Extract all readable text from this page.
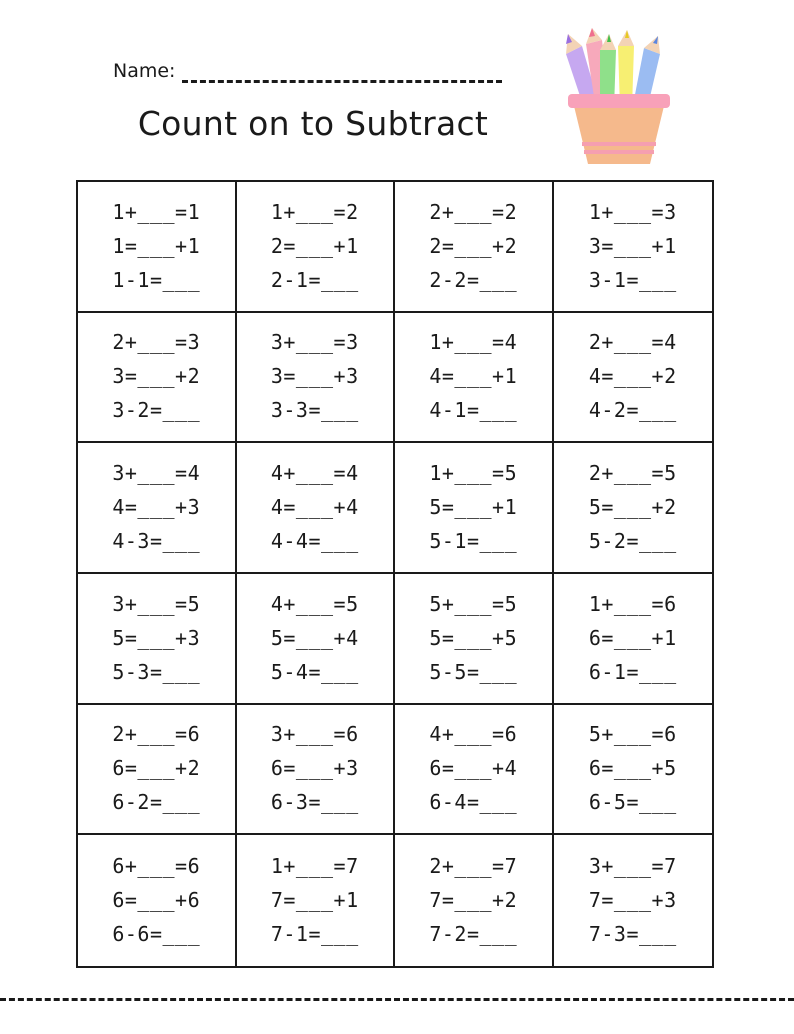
Name:
Count on to Subtract
1+___=1
1=___+1
1-1=___
1+___=2
2=___+1
2-1=___
2+___=2
2=___+2
2-2=___
1+___=3
3=___+1
3-1=___
2+___=3
3=___+2
3-2=___
3+___=3
3=___+3
3-3=___
1+___=4
4=___+1
4-1=___
2+___=4
4=___+2
4-2=___
3+___=4
4=___+3
4-3=___
4+___=4
4=___+4
4-4=___
1+___=5
5=___+1
5-1=___
2+___=5
5=___+2
5-2=___
3+___=5
5=___+3
5-3=___
4+___=5
5=___+4
5-4=___
5+___=5
5=___+5
5-5=___
1+___=6
6=___+1
6-1=___
2+___=6
6=___+2
6-2=___
3+___=6
6=___+3
6-3=___
4+___=6
6=___+4
6-4=___
5+___=6
6=___+5
6-5=___
6+___=6
6=___+6
6-6=___
1+___=7
7=___+1
7-1=___
2+___=7
7=___+2
7-2=___
3+___=7
7=___+3
7-3=___
